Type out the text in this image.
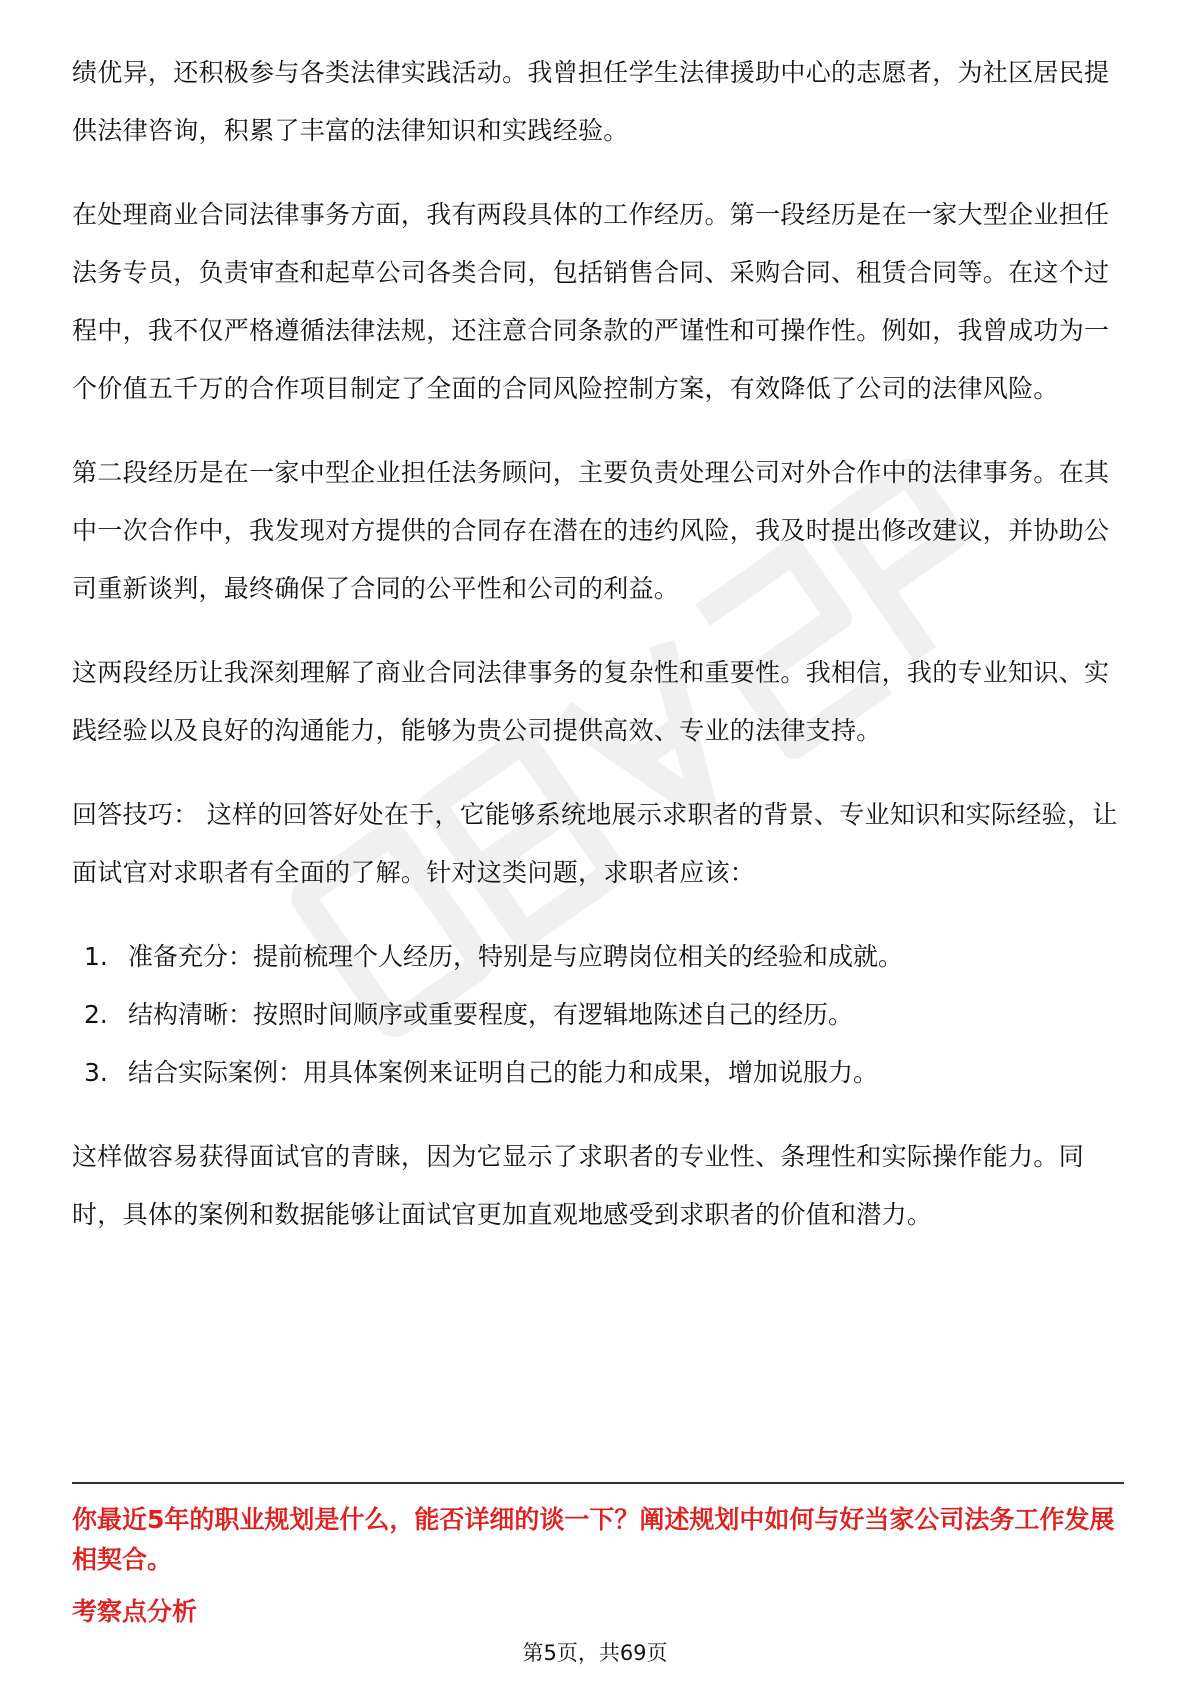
绩优异，还积极参与各类法律实践活动。我曾担任学生法律援助中心的志愿者，为社区居民提供法律咨询，积累了丰富的法律知识和实践经验。

在处理商业合同法律事务方面，我有两段具体的工作经历。第一段经历是在一家大型企业担任法务专员，负责审查和起草公司各类合同，包括销售合同、采购合同、租赁合同等。在这个过程中，我不仅严格遵循法律法规，还注意合同条款的严谨性和可操作性。例如，我曾成功为一个价值五千万的合作项目制定了全面的合同风险控制方案，有效降低了公司的法律风险。

第二段经历是在一家中型企业担任法务顾问，主要负责处理公司对外合作中的法律事务。在其中一次合作中，我发现对方提供的合同存在潜在的违约风险，我及时提出修改建议，并协助公司重新谈判，最终确保了合同的公平性和公司的利益。

这两段经历让我深刻理解了商业合同法律事务的复杂性和重要性。我相信，我的专业知识、实践经验以及良好的沟通能力，能够为贵公司提供高效、专业的法律支持。

回答技巧： 这样的回答好处在于，它能够系统地展示求职者的背景、专业知识和实际经验，让面试官对求职者有全面的了解。针对这类问题，求职者应该：

1. 准备充分：提前梳理个人经历，特别是与应聘岗位相关的经验和成就。
2. 结构清晰：按照时间顺序或重要程度，有逻辑地陈述自己的经历。
3. 结合实际案例：用具体案例来证明自己的能力和成果，增加说服力。

这样做容易获得面试官的青睐，因为它显示了求职者的专业性、条理性和实际操作能力。同时，具体的案例和数据能够让面试官更加直观地感受到求职者的价值和潜力。

你最近5年的职业规划是什么，能否详细的谈一下？阐述规划中如何与好当家公司法务工作发展相契合。

考察点分析

第5页，共69页
